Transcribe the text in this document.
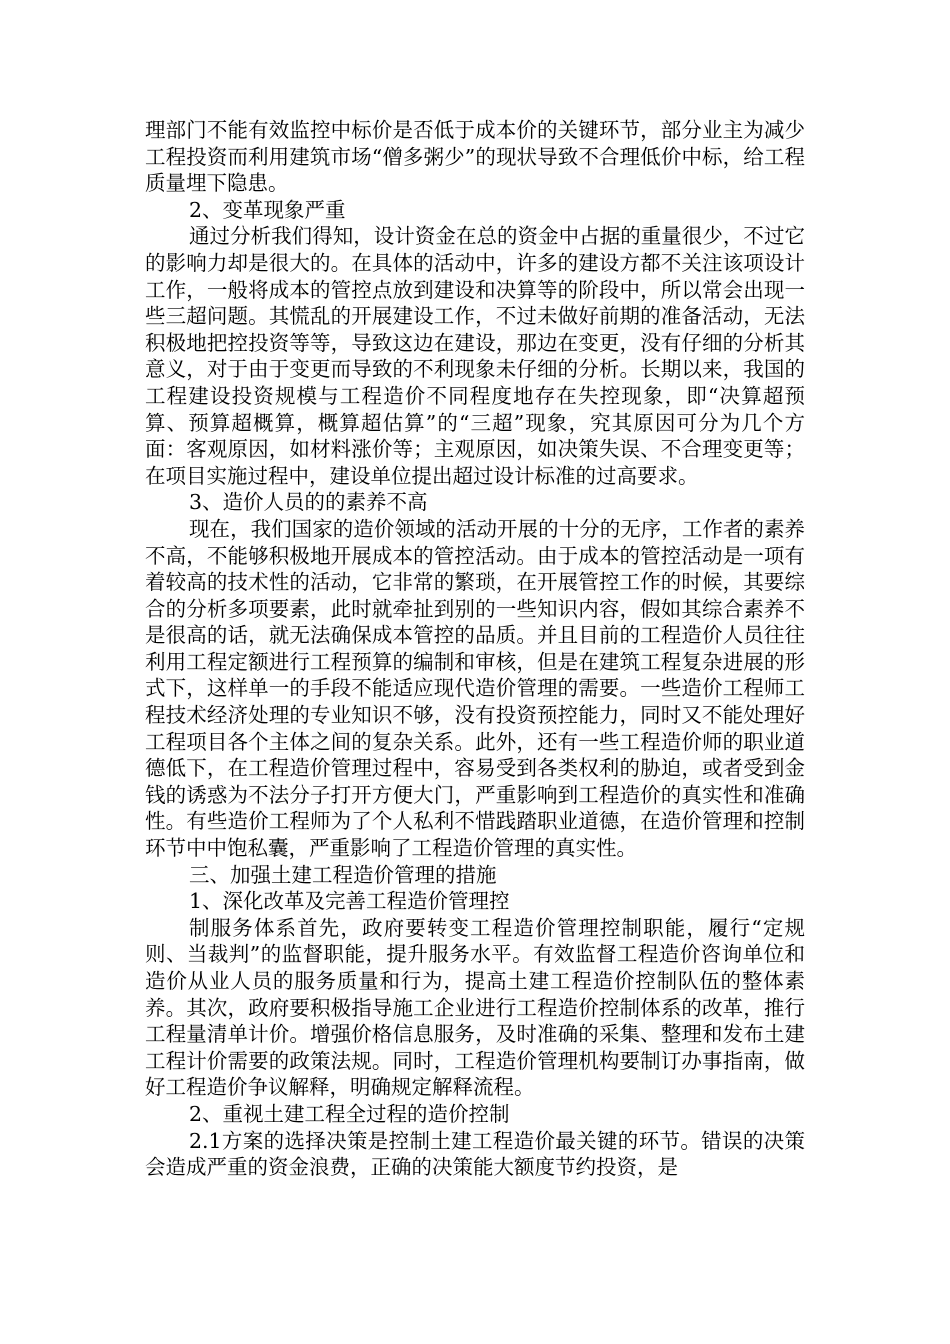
理部门不能有效监控中标价是否低于成本价的关键环节，部分业主为减少工程投资而利用建筑市场“僧多粥少”的现状导致不合理低价中标，给工程质量埋下隐患。

2、变革现象严重

通过分析我们得知，设计资金在总的资金中占据的重量很少，不过它的影响力却是很大的。在具体的活动中，许多的建设方都不关注该项设计工作，一般将成本的管控点放到建设和决算等的阶段中，所以常会出现一些三超问题。其慌乱的开展建设工作，不过未做好前期的准备活动，无法积极地把控投资等等，导致这边在建设，那边在变更，没有仔细的分析其意义，对于由于变更而导致的不利现象未仔细的分析。长期以来，我国的工程建设投资规模与工程造价不同程度地存在失控现象，即“决算超预算、预算超概算，概算超估算”的“三超”现象，究其原因可分为几个方面：客观原因，如材料涨价等；主观原因，如决策失误、不合理变更等；在项目实施过程中，建设单位提出超过设计标准的过高要求。

3、造价人员的的素养不高

现在，我们国家的造价领域的活动开展的十分的无序，工作者的素养不高，不能够积极地开展成本的管控活动。由于成本的管控活动是一项有着较高的技术性的活动，它非常的繁琐，在开展管控工作的时候，其要综合的分析多项要素，此时就牵扯到别的一些知识内容，假如其综合素养不是很高的话，就无法确保成本管控的品质。并且目前的工程造价人员往往利用工程定额进行工程预算的编制和审核，但是在建筑工程复杂进展的形式下，这样单一的手段不能适应现代造价管理的需要。一些造价工程师工程技术经济处理的专业知识不够，没有投资预控能力，同时又不能处理好工程项目各个主体之间的复杂关系。此外，还有一些工程造价师的职业道德低下，在工程造价管理过程中，容易受到各类权利的胁迫，或者受到金钱的诱惑为不法分子打开方便大门，严重影响到工程造价的真实性和准确性。有些造价工程师为了个人私利不惜践踏职业道德，在造价管理和控制环节中中饱私囊，严重影响了工程造价管理的真实性。

三、加强土建工程造价管理的措施

1、深化改革及完善工程造价管理控

制服务体系首先，政府要转变工程造价管理控制职能，履行“定规则、当裁判”的监督职能，提升服务水平。有效监督工程造价咨询单位和造价从业人员的服务质量和行为，提高土建工程造价控制队伍的整体素养。其次，政府要积极指导施工企业进行工程造价控制体系的改革，推行工程量清单计价。增强价格信息服务，及时准确的采集、整理和发布土建工程计价需要的政策法规。同时，工程造价管理机构要制订办事指南，做好工程造价争议解释，明确规定解释流程。

2、重视土建工程全过程的造价控制

2.1方案的选择决策是控制土建工程造价最关键的环节。错误的决策会造成严重的资金浪费，正确的决策能大额度节约投资，是
